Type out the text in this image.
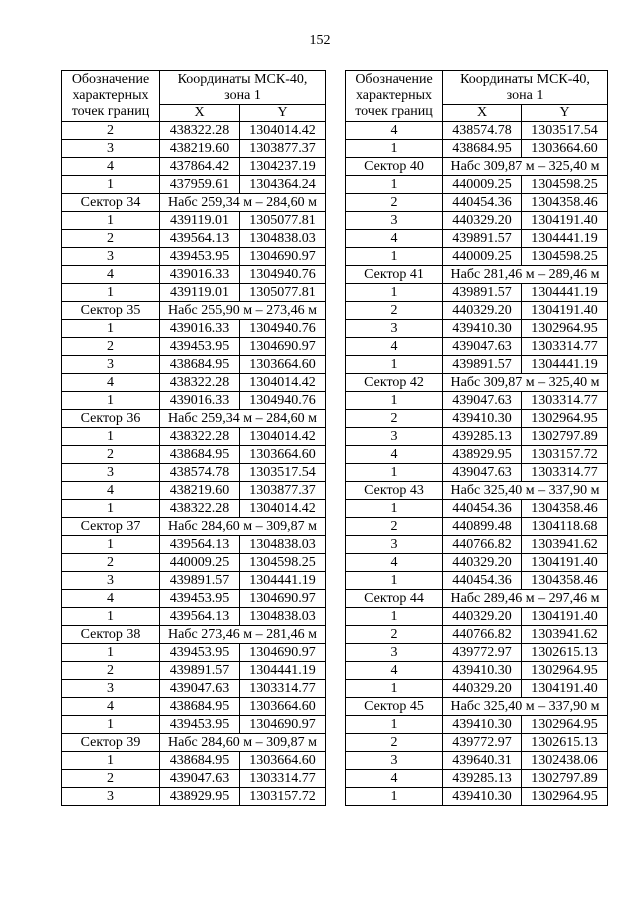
152
Обозначение
характерных
точек границ	Координаты МСК-40,
зона 1	

	X	Y
2	438322.28	1304014.42
3	438219.60	1303877.37
4	437864.42	1304237.19
1	437959.61	1304364.24
Сектор 34	Набс 259,34 м – 284,60 м	
1	439119.01	1305077.81
2	439564.13	1304838.03
3	439453.95	1304690.97
4	439016.33	1304940.76
1	439119.01	1305077.81
Сектор 35	Набс 255,90 м – 273,46 м	
1	439016.33	1304940.76
2	439453.95	1304690.97
3	438684.95	1303664.60
4	438322.28	1304014.42
1	439016.33	1304940.76
Сектор 36	Набс 259,34 м – 284,60 м	
1	438322.28	1304014.42
2	438684.95	1303664.60
3	438574.78	1303517.54
4	438219.60	1303877.37
1	438322.28	1304014.42
Сектор 37	Набс 284,60 м – 309,87 м	
1	439564.13	1304838.03
2	440009.25	1304598.25
3	439891.57	1304441.19
4	439453.95	1304690.97
1	439564.13	1304838.03
Сектор 38	Набс 273,46 м – 281,46 м	
1	439453.95	1304690.97
2	439891.57	1304441.19
3	439047.63	1303314.77
4	438684.95	1303664.60
1	439453.95	1304690.97
Сектор 39	Набс 284,60 м – 309,87 м	
1	438684.95	1303664.60
2	439047.63	1303314.77
3	438929.95	1303157.72
Обозначение
характерных
точек границ	Координаты МСК-40,
зона 1	

	X	Y
4	438574.78	1303517.54
1	438684.95	1303664.60
Сектор 40	Набс 309,87 м – 325,40 м	
1	440009.25	1304598.25
2	440454.36	1304358.46
3	440329.20	1304191.40
4	439891.57	1304441.19
1	440009.25	1304598.25
Сектор 41	Набс 281,46 м – 289,46 м	
1	439891.57	1304441.19
2	440329.20	1304191.40
3	439410.30	1302964.95
4	439047.63	1303314.77
1	439891.57	1304441.19
Сектор 42	Набс 309,87 м – 325,40 м	
1	439047.63	1303314.77
2	439410.30	1302964.95
3	439285.13	1302797.89
4	438929.95	1303157.72
1	439047.63	1303314.77
Сектор 43	Набс 325,40 м – 337,90 м	
1	440454.36	1304358.46
2	440899.48	1304118.68
3	440766.82	1303941.62
4	440329.20	1304191.40
1	440454.36	1304358.46
Сектор 44	Набс 289,46 м – 297,46 м	
1	440329.20	1304191.40
2	440766.82	1303941.62
3	439772.97	1302615.13
4	439410.30	1302964.95
1	440329.20	1304191.40
Сектор 45	Набс 325,40 м – 337,90 м	
1	439410.30	1302964.95
2	439772.97	1302615.13
3	439640.31	1302438.06
4	439285.13	1302797.89
1	439410.30	1302964.95
